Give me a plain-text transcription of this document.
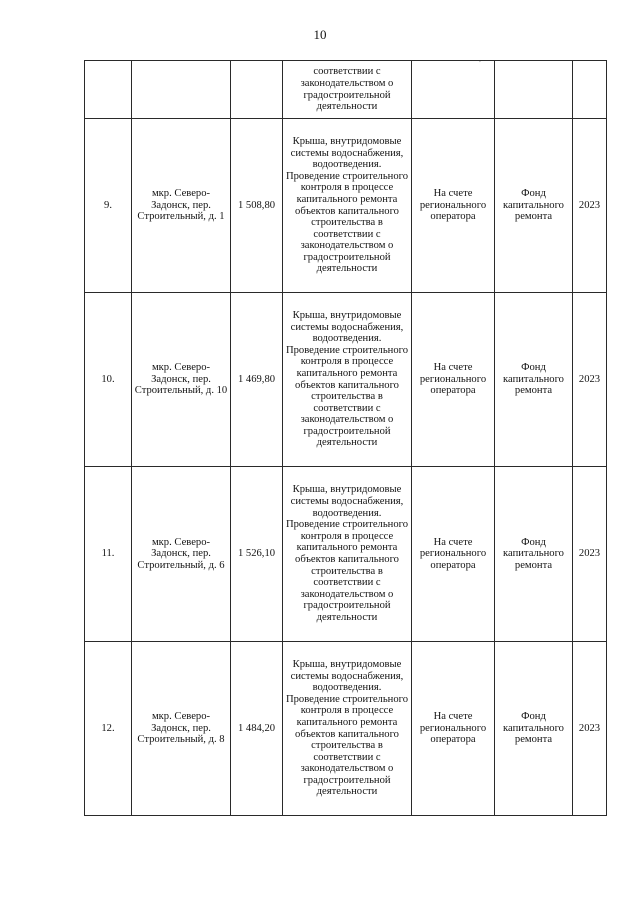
10
,
			соответствии с законодательством о градостроительной деятельности			
9.	мкр. Северо-Задонск, пер. Строительный, д. 1	1 508,80	Крыша, внутридомовые системы водоснабжения, водоотведения. Проведение строительного контроля в процессе капитального ремонта объектов капитального строительства в соответствии с законодательством о градостроительной деятельности	На счете регионального оператора	Фонд капитального ремонта	2023
10.	мкр. Северо-Задонск, пер. Строительный, д. 10	1 469,80	Крыша, внутридомовые системы водоснабжения, водоотведения. Проведение строительного контроля в процессе капитального ремонта объектов капитального строительства в соответствии с законодательством о градостроительной деятельности	На счете регионального оператора	Фонд капитального ремонта	2023
11.	мкр. Северо-Задонск, пер. Строительный, д. 6	1 526,10	Крыша, внутридомовые системы водоснабжения, водоотведения. Проведение строительного контроля в процессе капитального ремонта объектов капитального строительства в соответствии с законодательством о градостроительной деятельности	На счете регионального оператора	Фонд капитального ремонта	2023
12.	мкр. Северо-Задонск, пер. Строительный, д. 8	1 484,20	Крыша, внутридомовые системы водоснабжения, водоотведения. Проведение строительного контроля в процессе капитального ремонта объектов капитального строительства в соответствии с законодательством о градостроительной деятельности	На счете регионального оператора	Фонд капитального ремонта	2023
